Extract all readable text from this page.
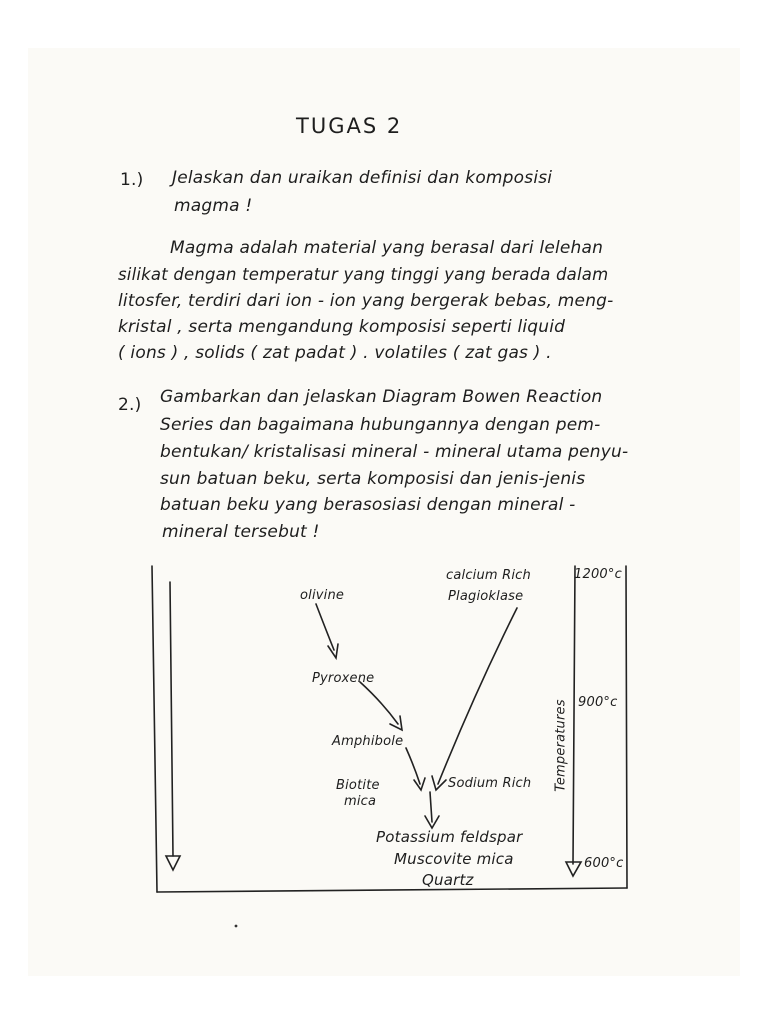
TUGAS 2
1.) Jelaskan dan uraikan definisi dan komposisi
magma !
Magma adalah material yang berasal dari lelehan
silikat dengan temperatur yang tinggi yang berada dalam
litosfer, terdiri dari ion - ion yang bergerak bebas, meng-
kristal , serta mengandung komposisi seperti liquid
( ions ) , solids ( zat padat ) . volatiles ( zat gas ) .
2.) Gambarkan dan jelaskan Diagram Bowen Reaction
Series dan bagaimana hubungannya dengan pem-
bentukan/ kristalisasi mineral - mineral utama penyu-
sun batuan beku, serta komposisi dan jenis-jenis
batuan beku yang berasosiasi dengan mineral -
mineral tersebut !
olivine
Pyroxene
Amphibole
Biotite
mica
calcium Rich
Plagioklase
Sodium Rich
Potassium feldspar
Muscovite mica
Quartz
1200°c
900°c
600°c
Temperatures
